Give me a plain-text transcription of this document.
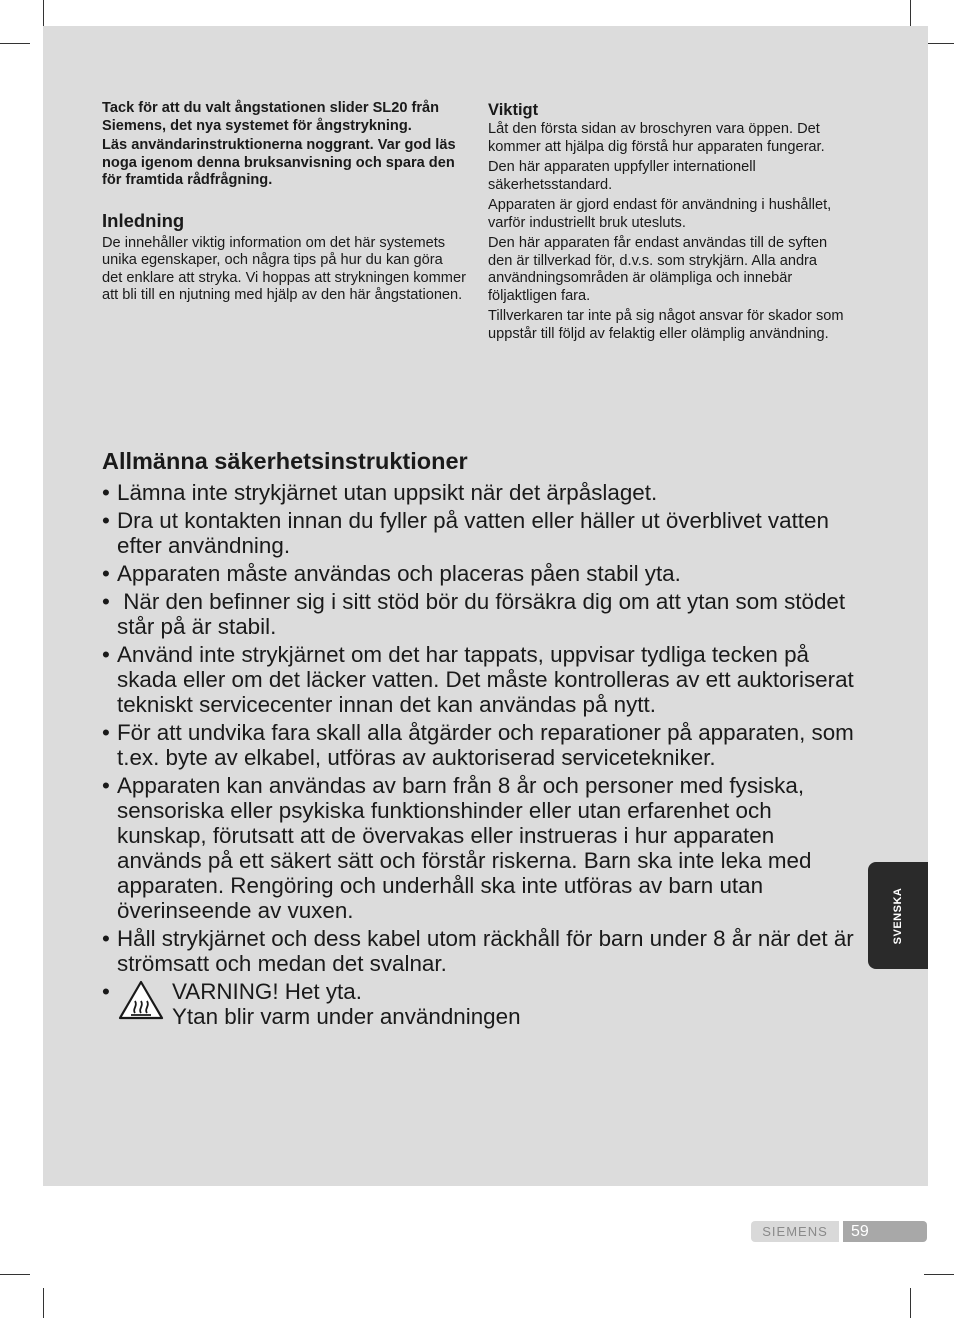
Tack för att du valt ångstationen slider SL20 från Siemens, det nya systemet för ångstrykning.

Läs användarinstruktionerna noggrant. Var god läs noga igenom denna bruksanvisning och spara den för framtida rådfrågning.

Inledning

De innehåller viktig information om det här systemets unika egenskaper, och några tips på hur du kan göra det enklare att stryka. Vi hoppas att strykningen kommer att bli till en njutning med hjälp av den här ångstationen.

Viktigt

Låt den första sidan av broschyren vara öppen. Det kommer att hjälpa dig förstå hur apparaten fungerar.

Den här apparaten uppfyller internationell säkerhetsstandard.

Apparaten är gjord endast för användning i hushållet, varför industriellt bruk utesluts.

Den här apparaten får endast användas till de syften den är tillverkad för, d.v.s. som strykjärn. Alla andra användningsområden är olämpliga och innebär följaktligen fara.

Tillverkaren tar inte på sig något ansvar för skador som uppstår till följd av felaktig eller olämplig användning.

Allmänna säkerhetsinstruktioner
• Lämna inte strykjärnet utan uppsikt när det ärpåslaget.
• Dra ut kontakten innan du fyller på vatten eller häller ut överblivet vatten efter användning.
• Apparaten måste användas och placeras påen stabil yta.
• När den befinner sig i sitt stöd bör du försäkra dig om att ytan som stödet står på är stabil.
• Använd inte strykjärnet om det har tappats, uppvisar tydliga tecken på skada eller om det läcker vatten. Det måste kontrolleras av ett auktoriserat tekniskt servicecenter innan det kan användas på nytt.
• För att undvika fara skall alla åtgärder och reparationer på apparaten, som t.ex. byte av elkabel, utföras av auktoriserad servicetekniker.
• Apparaten kan användas av barn från 8 år och personer med fysiska, sensoriska eller psykiska funktionshinder eller utan erfarenhet och kunskap, förutsatt att de övervakas eller instrueras i hur apparaten används på ett säkert sätt och förstår riskerna. Barn ska inte leka med apparaten. Rengöring och underhåll ska inte utföras av barn utan överinseende av vuxen.
• Håll strykjärnet och dess kabel utom räckhåll för barn under 8 år när det är strömsatt och medan det svalnar.
•	VARNING! Het yta.
Ytan blir varm under användningen
SVENSKA
SIEMENS	59
